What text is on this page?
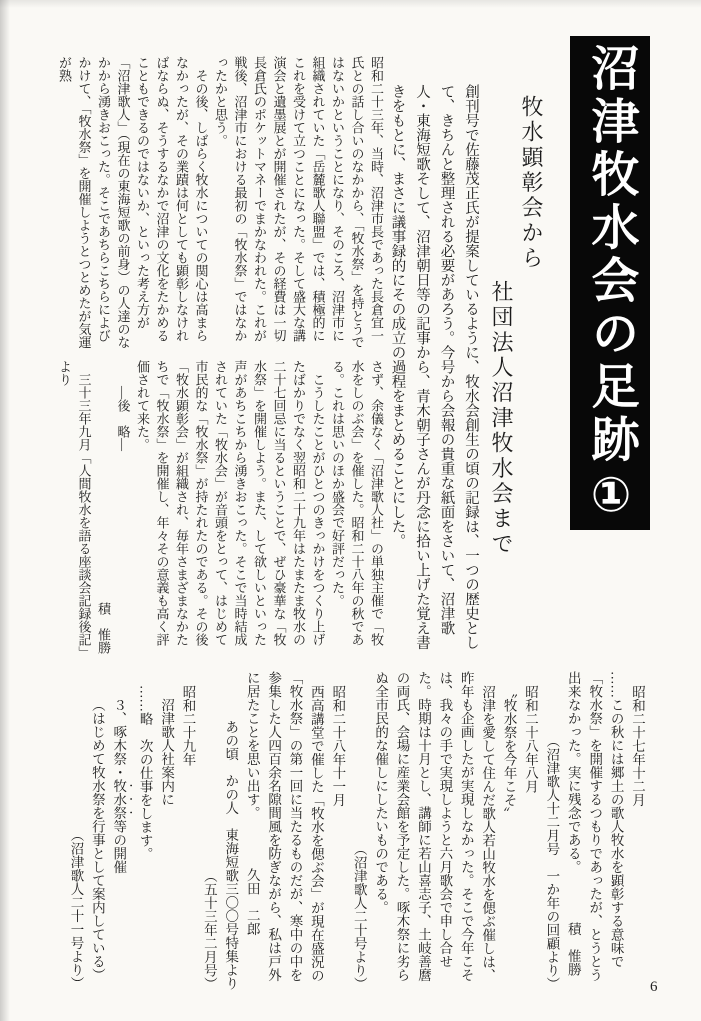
沼津牧水会の足跡①
牧水顕彰会から
社団法人沼津牧水会まで

創刊号で佐藤茂正氏が提案しているように、牧水会創生の頃の記録は、一つの歴史として、きちんと整理される必要があろう。今号から会報の貴重な紙面をさいて、沼津歌人・東海短歌そして、沼津朝日等の記事から、青木朝子さんが丹念に拾い上げた覚え書きをもとに、まさに議事録的にその成立の過程をまとめることにした。

昭和二十三年、当時、沼津市長であった長倉宜一氏との話し合いのなかから、「牧水祭」を持とうではないかということになり、そのころ、沼津市に組織されていた「岳麓歌人聯盟」では、積極的にこれを受けて立つことになった。そして盛大な講演会と遺墨展とが開催されたが、その経費は一切長倉氏のポケットマネーでまかなわれた。これが戦後、沼津市における最初の「牧水祭」ではなかったかと思う。

その後、しばらく牧水についての関心は高まらなかったが、その業蹟は何としても顕彰しなければならぬ、そうするなかで沼津の文化をたかめることもできるのではないか、といった考え方が「沼津歌人」（現在の東海短歌の前身）の人達のなかから湧きおこった。そこであちらこちらによびかけて、「牧水祭」を開催しようとつとめたが気運が熟

さず、余儀なく「沼津歌人社」の単独主催で「牧水をしのぶ会」を催した。昭和二十八年の秋である。これは思いのほか盛会で好評だった。

こうしたことがひとつのきっかけをつくり上げたばかりでなく翌昭和二十九年はたまたま牧水の二十七回忌に当るということで、ぜひ豪華な「牧水祭」を開催しよう。また、して欲しいといった声があちこちから湧きおこった。そこで当時結成されていた「牧水会」が音頭をとって、はじめて市民的な「牧水祭」が持たれたのである。その後「牧水顕彰会」が組織され、毎年さまざまなかたちで「牧水祭」を開催し、年々その意義も高く評価されて来た。

―後　略―

積　惟勝

三十三年九月「人間牧水を語る座談会記録後記」より

昭和二十七年十二月

……この秋には郷土の歌人牧水を顕彰する意味で「牧水祭」を開催するつもりであったが、とうとう出来なかった。実に残念である。積　惟勝

（沼津歌人十二月号　一か年の回顧より）

昭和二十八年八月

〝牧水祭を今年こそ〟

沼津を愛して住んだ歌人若山牧水を偲ぶ催しは、昨年も企画したが実現しなかった。そこで今年こそは、我々の手で実現しようと六月歌会で申し合せた。時期は十月とし、講師に若山喜志子、土岐善麿の両氏、会場に産業会館を予定した。啄木祭に劣らぬ全市民的な催しにしたいものである。

（沼津歌人二十号より）

昭和二十八年十一月

西高講堂で催した「牧水を偲ぶ会」が現在盛況の「牧水祭」の第一回に当たるものだが、寒中の中を参集した人四百余名隙間風を防ぎながら、私は戸外に居たことを思い出す。久田　二郎

あの頃　かの人　東海短歌三〇〇号特集より

（五十三年二月号）

昭和二十九年

沼津歌人社案内に

……略　次の仕事をします。

３、啄木祭・牧水祭等の開催

（はじめて牧水祭を行事として案内している）

（沼津歌人二十一号より）	6
